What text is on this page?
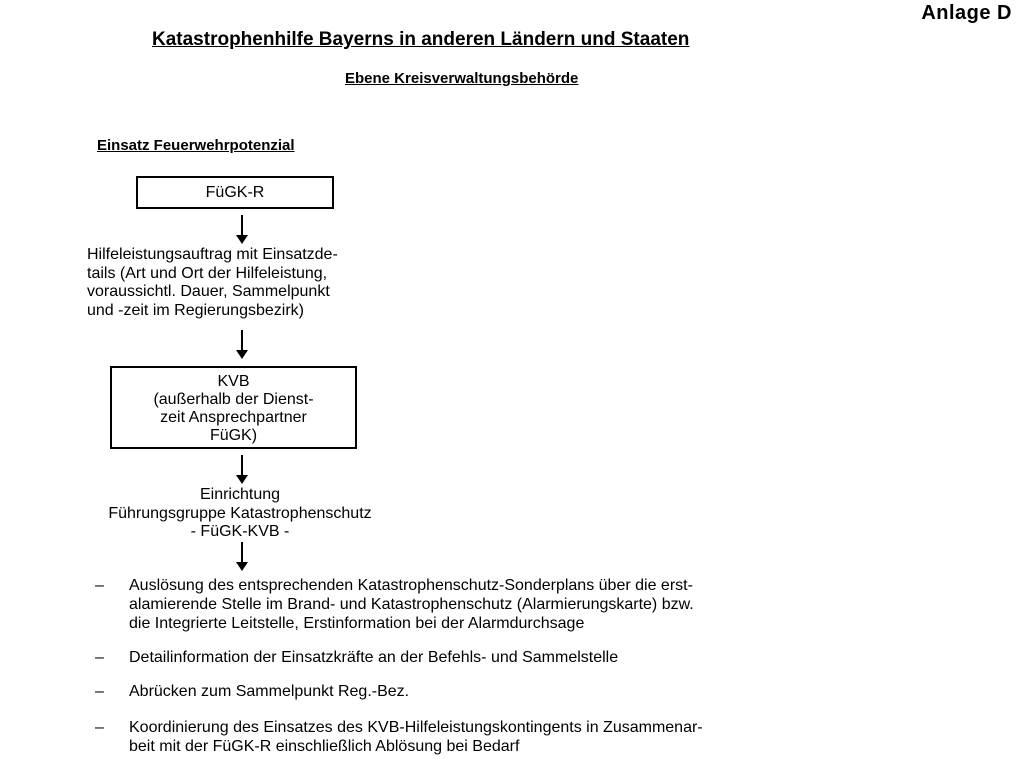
Anlage D
Katastrophenhilfe Bayerns in anderen Ländern und Staaten
Ebene Kreisverwaltungsbehörde
Einsatz Feuerwehrpotenzial
FüGK-R
Hilfeleistungsauftrag mit Einsatzde-
tails (Art und Ort der Hilfeleistung,
voraussichtl. Dauer, Sammelpunkt
und -zeit im Regierungsbezirk)
KVB
(außerhalb der Dienst-
zeit Ansprechpartner
FüGK)
Einrichtung
Führungsgruppe Katastrophenschutz
- FüGK-KVB -
–	Auslösung des entsprechenden Katastrophenschutz-Sonderplans über die erst-
alamierende Stelle im Brand- und Katastrophenschutz (Alarmierungskarte) bzw.
die Integrierte Leitstelle, Erstinformation bei der Alarmdurchsage
–	Detailinformation der Einsatzkräfte an der Befehls- und Sammelstelle
–	Abrücken zum Sammelpunkt Reg.-Bez.
–	Koordinierung des Einsatzes des KVB-Hilfeleistungskontingents in Zusammenar-
beit mit der FüGK-R einschließlich Ablösung bei Bedarf
